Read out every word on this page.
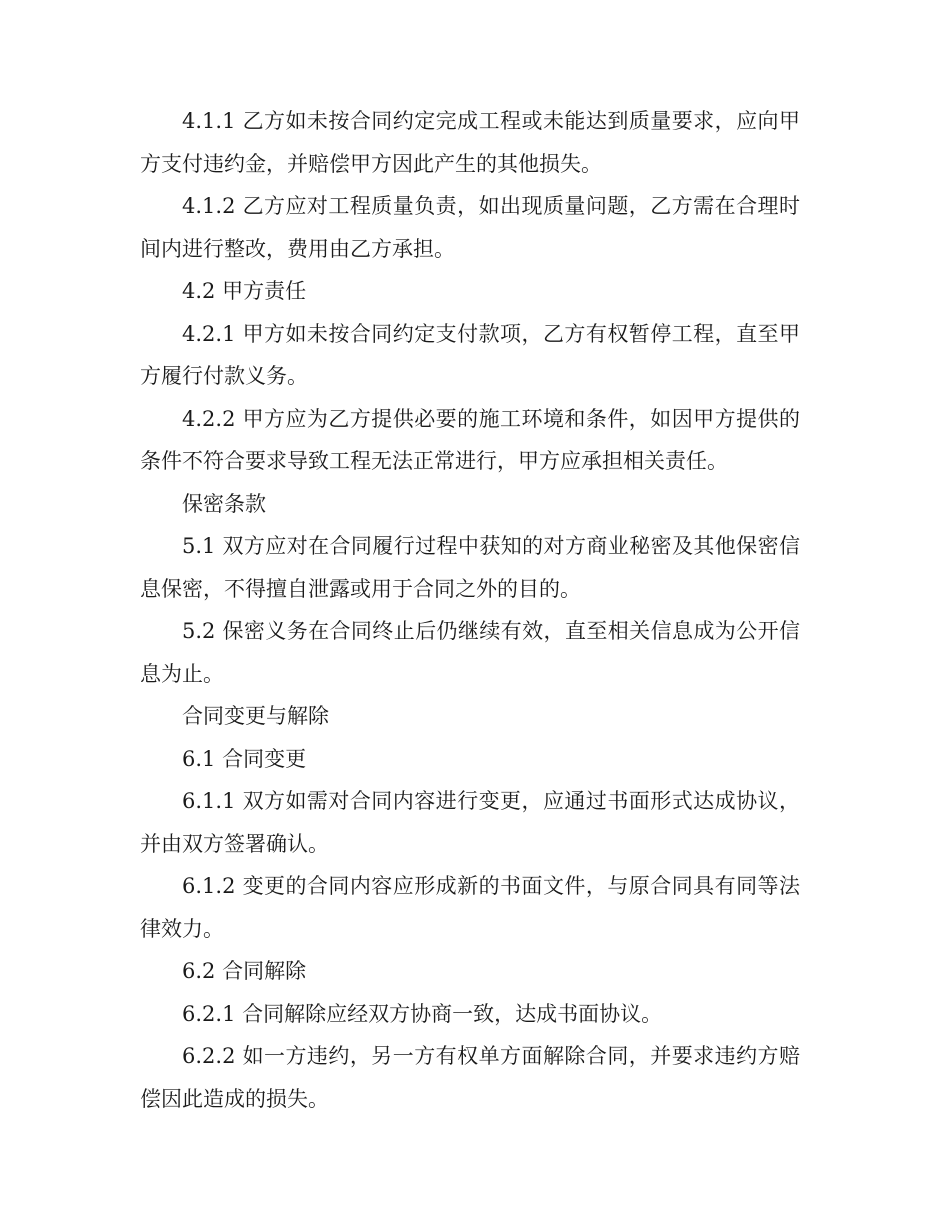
4.1.1 乙方如未按合同约定完成工程或未能达到质量要求，应向甲方支付违约金，并赔偿甲方因此产生的其他损失。

4.1.2 乙方应对工程质量负责，如出现质量问题，乙方需在合理时间内进行整改，费用由乙方承担。

4.2 甲方责任

4.2.1 甲方如未按合同约定支付款项，乙方有权暂停工程，直至甲方履行付款义务。

4.2.2 甲方应为乙方提供必要的施工环境和条件，如因甲方提供的条件不符合要求导致工程无法正常进行，甲方应承担相关责任。

保密条款

5.1 双方应对在合同履行过程中获知的对方商业秘密及其他保密信息保密，不得擅自泄露或用于合同之外的目的。

5.2 保密义务在合同终止后仍继续有效，直至相关信息成为公开信息为止。

合同变更与解除

6.1 合同变更

6.1.1 双方如需对合同内容进行变更，应通过书面形式达成协议，并由双方签署确认。

6.1.2 变更的合同内容应形成新的书面文件，与原合同具有同等法律效力。

6.2 合同解除

6.2.1 合同解除应经双方协商一致，达成书面协议。

6.2.2 如一方违约，另一方有权单方面解除合同，并要求违约方赔偿因此造成的损失。
